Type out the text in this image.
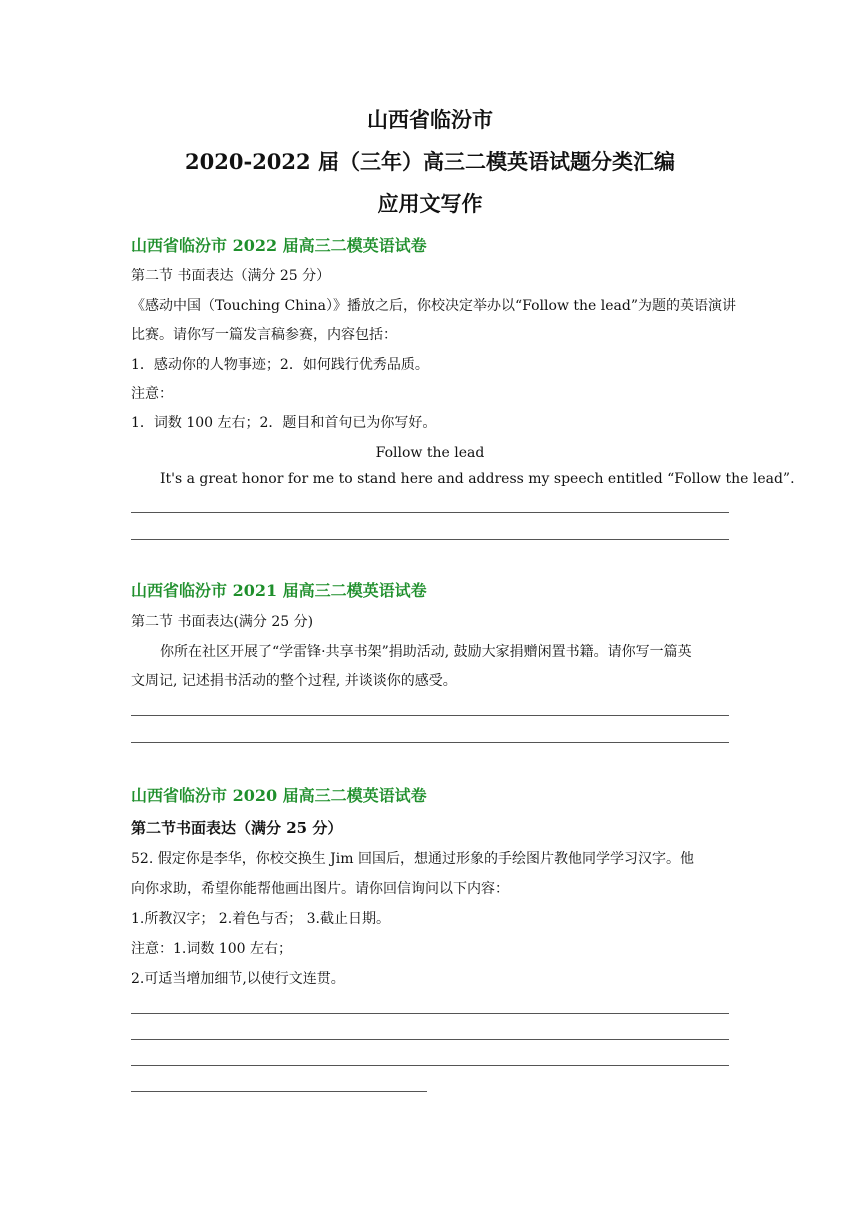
山西省临汾市
2020-2022 届（三年）高三二模英语试题分类汇编
应用文写作
山西省临汾市 2022 届高三二模英语试卷
第二节 书面表达（满分 25 分）
《感动中国（Touching China）》播放之后，你校决定举办以“Follow the lead”为题的英语演讲
比赛。请你写一篇发言稿参赛，内容包括：
1．感动你的人物事迹；2．如何践行优秀品质。
注意：
1．词数 100 左右；2．题目和首句已为你写好。
Follow the lead
It's a great honor for me to stand here and address my speech entitled “Follow the lead”.
山西省临汾市 2021 届高三二模英语试卷
第二节 书面表达(满分 25 分)
你所在社区开展了“学雷锋·共享书架”捐助活动, 鼓励大家捐赠闲置书籍。请你写一篇英
文周记, 记述捐书活动的整个过程, 并谈谈你的感受。
山西省临汾市 2020 届高三二模英语试卷
第二节书面表达（满分 25 分）
52. 假定你是李华，你校交换生 Jim 回国后，想通过形象的手绘图片教他同学学习汉字。他
向你求助，希望你能帮他画出图片。请你回信询问以下内容：
1.所教汉字； 2.着色与否； 3.截止日期。
注意：1.词数 100 左右；
2.可适当增加细节,以使行文连贯。
